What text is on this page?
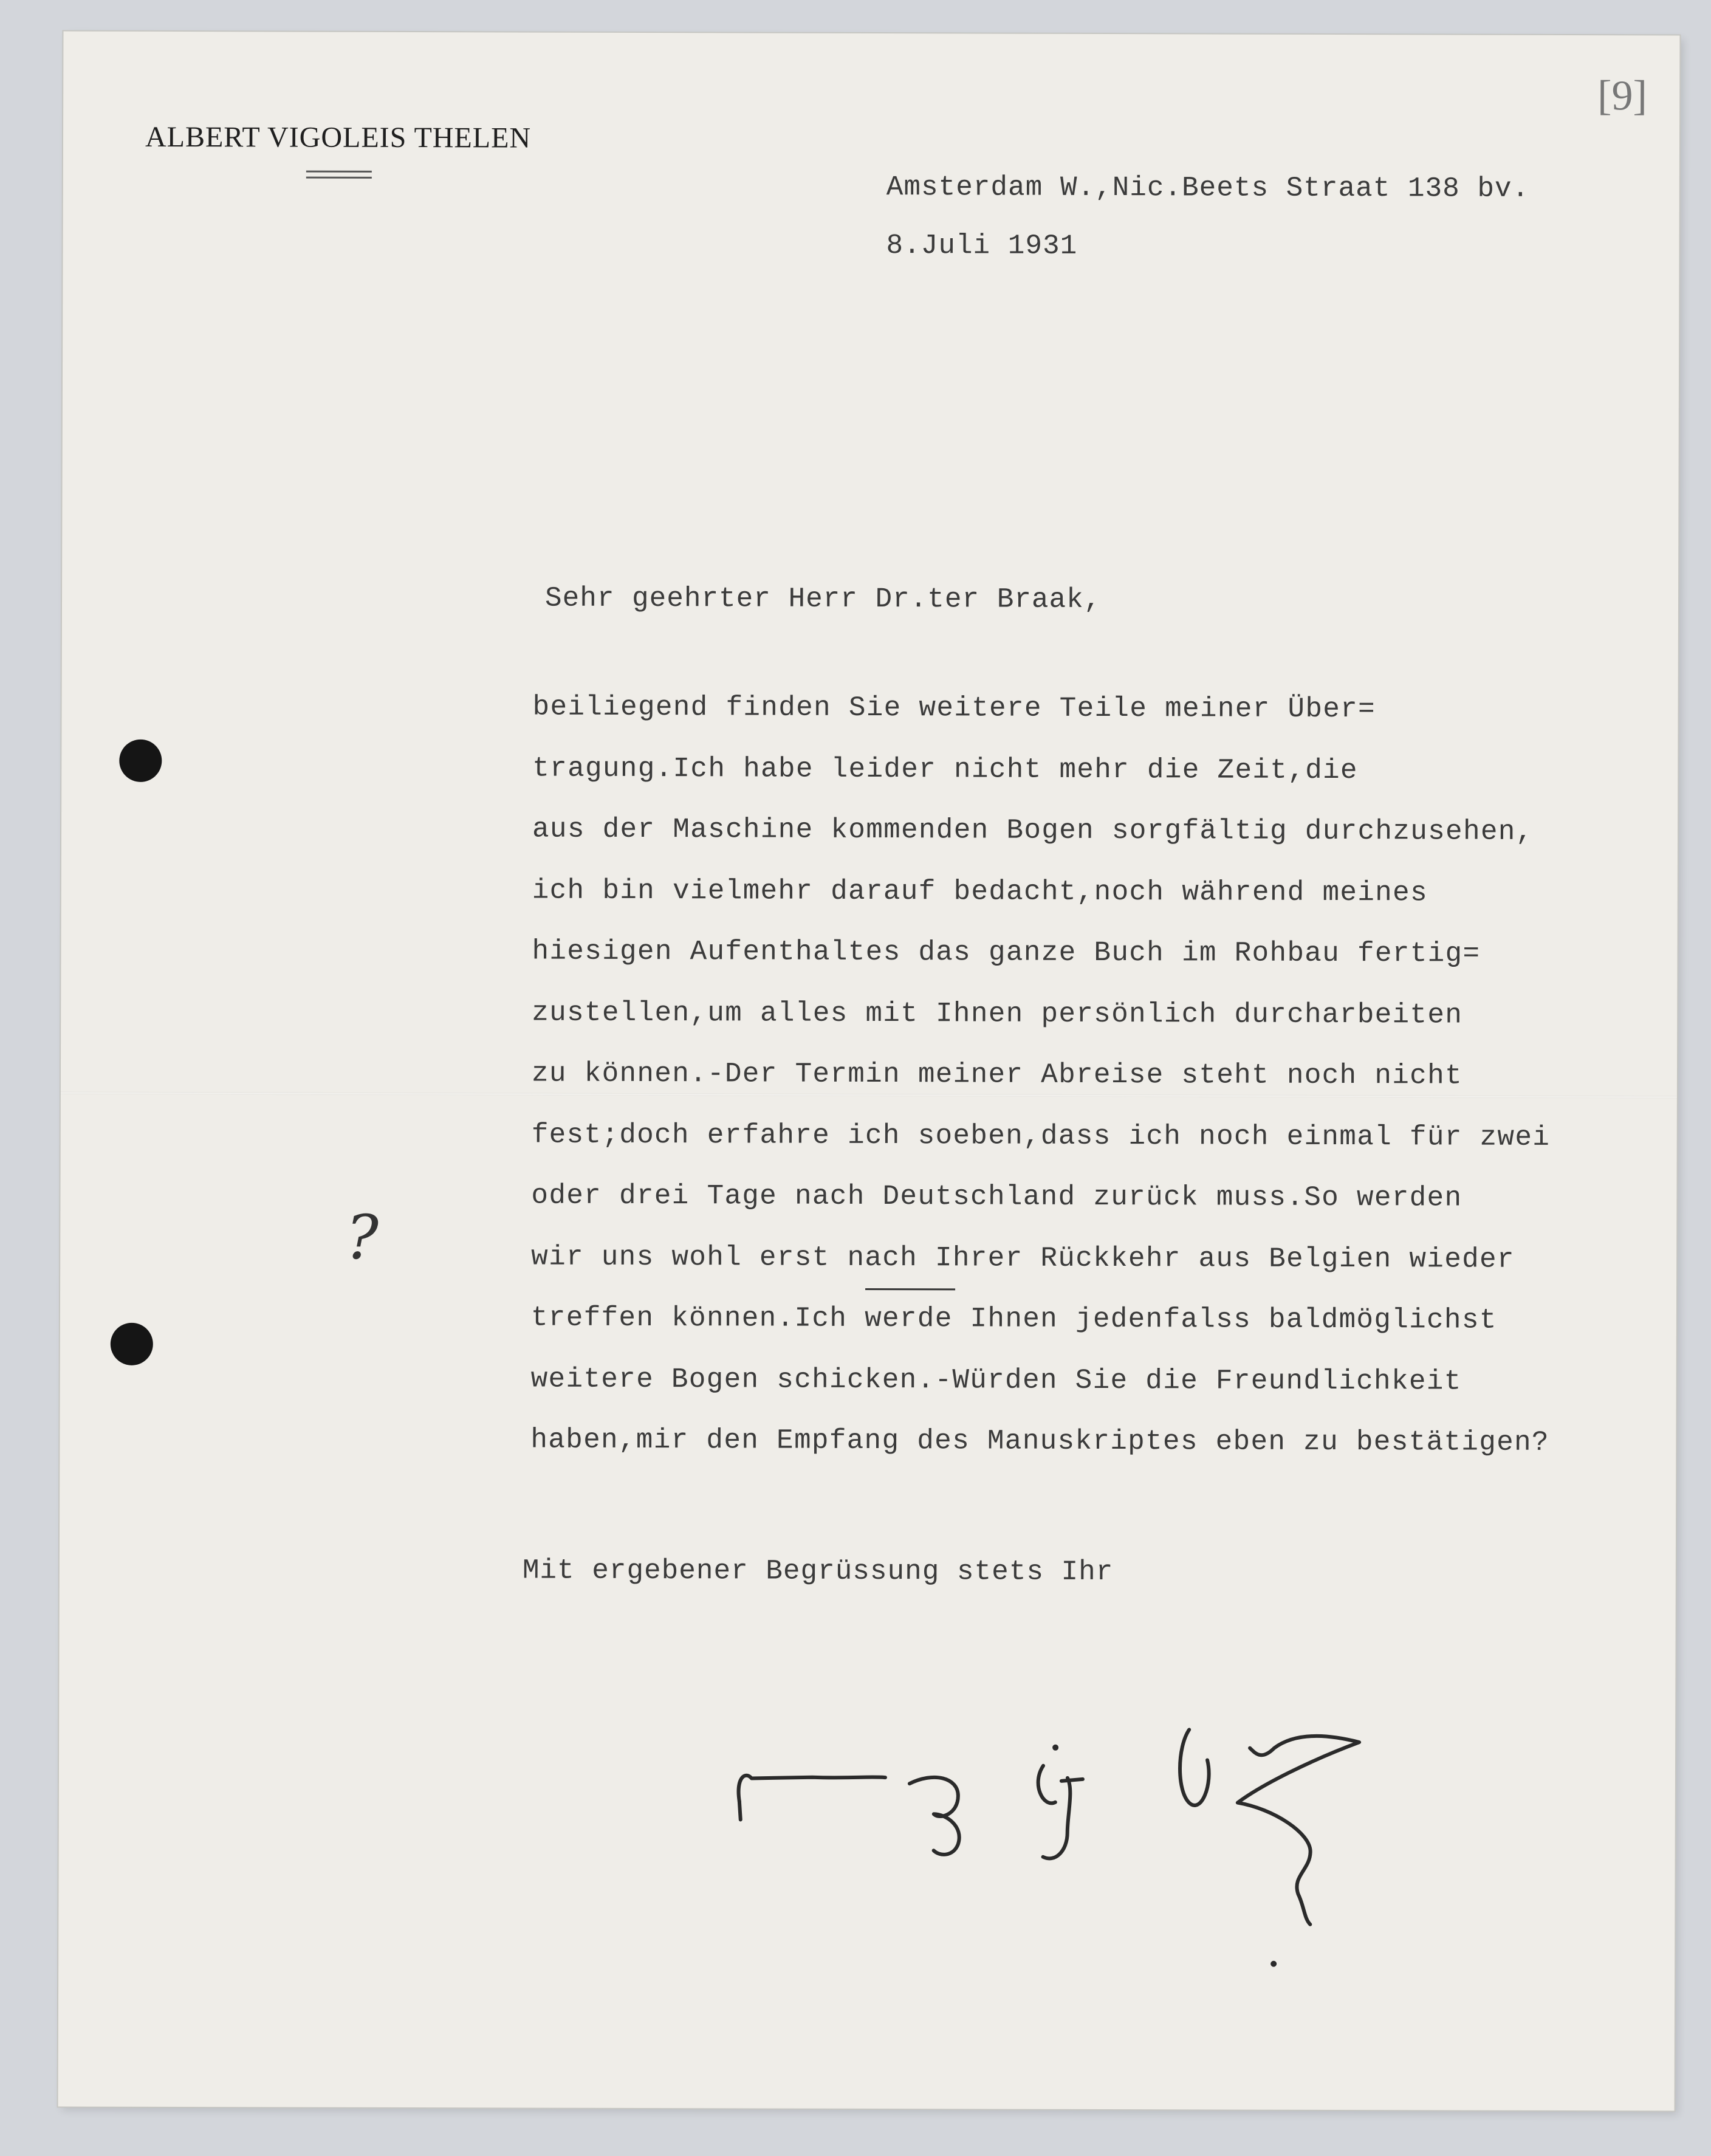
ALBERT VIGOLEIS THELEN
[9]
Amsterdam W.,Nic.Beets Straat 138 bv.
8.Juli 1931
Sehr geehrter Herr Dr.ter Braak,
beiliegend finden Sie weitere Teile meiner Über=
tragung.Ich habe leider nicht mehr die Zeit,die
aus der Maschine kommenden Bogen sorgfältig durchzusehen,
ich bin vielmehr darauf bedacht,noch während meines
hiesigen Aufenthaltes das ganze Buch im Rohbau fertig=
zustellen,um alles mit Ihnen persönlich durcharbeiten
zu können.-Der Termin meiner Abreise steht noch nicht
fest;doch erfahre ich soeben,dass ich noch einmal für zwei
oder drei Tage nach Deutschland zurück muss.So werden
wir uns wohl erst nach Ihrer Rückkehr aus Belgien wieder
treffen können.Ich werde Ihnen jedenfalss baldmöglichst
weitere Bogen schicken.-Würden Sie die Freundlichkeit
haben,mir den Empfang des Manuskriptes eben zu bestätigen?
?
Mit ergebener Begrüssung stets Ihr
